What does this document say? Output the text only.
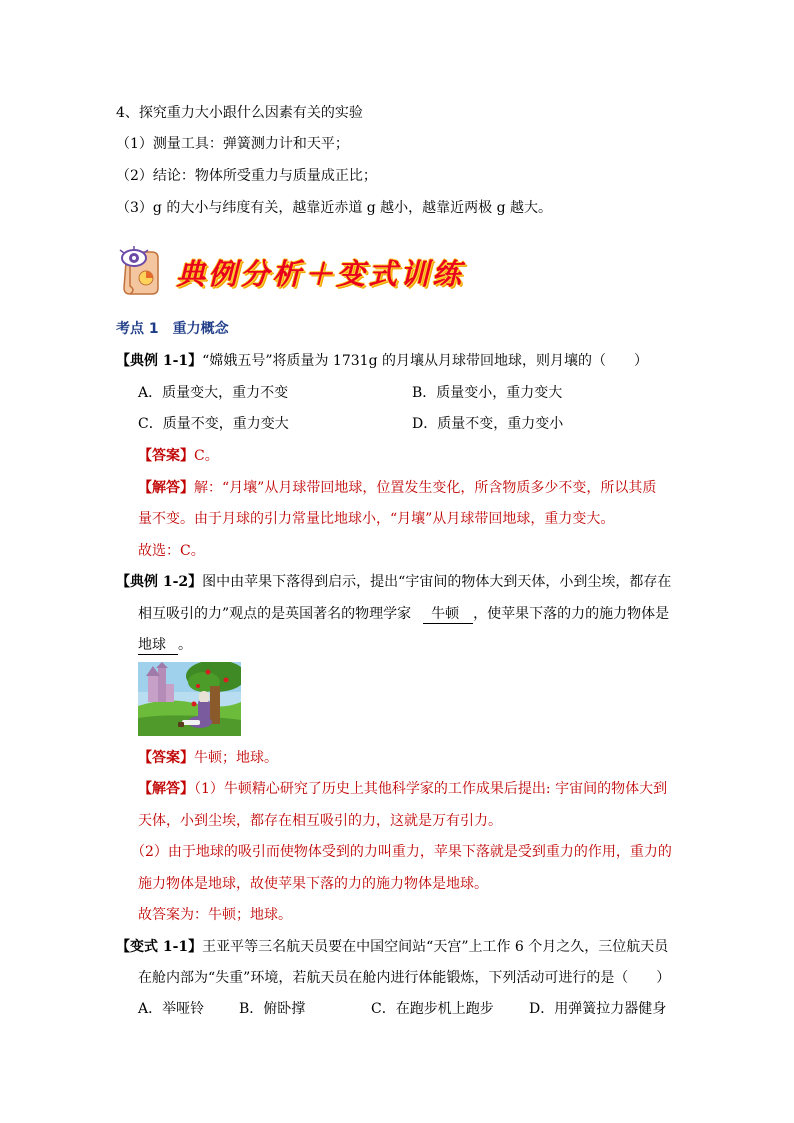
4、探究重力大小跟什么因素有关的实验
（1）测量工具：弹簧测力计和天平；
（2）结论：物体所受重力与质量成正比；
（3）g 的大小与纬度有关，越靠近赤道 g 越小，越靠近两极 g 越大。
典例分析＋变式训练
考点 1 重力概念
【典例 1-1】“嫦娥五号”将质量为 1731g 的月壤从月球带回地球，则月壤的（　　）
A．质量变大，重力不变	B．质量变小，重力变大
C．质量不变，重力变大	D．质量不变，重力变小
【答案】C。
【解答】解：“月壤”从月球带回地球，位置发生变化，所含物质多少不变，所以其质
量不变。由于月球的引力常量比地球小，“月壤”从月球带回地球，重力变大。
故选：C。
【典例 1-2】图中由苹果下落得到启示，提出“宇宙间的物体大到天体，小到尘埃，都存在
相互吸引的力”观点的是英国著名的物理学家 牛顿 ，使苹果下落的力的施力物体是
地球 。
【答案】牛顿；地球。
【解答】（1）牛顿精心研究了历史上其他科学家的工作成果后提出: 宇宙间的物体大到
天体，小到尘埃，都存在相互吸引的力，这就是万有引力。
（2）由于地球的吸引而使物体受到的力叫重力，苹果下落就是受到重力的作用，重力的
施力物体是地球，故使苹果下落的力的施力物体是地球。
故答案为：牛顿；地球。
【变式 1-1】王亚平等三名航天员要在中国空间站“天宫”上工作 6 个月之久，三位航天员
在舱内部为“失重”环境，若航天员在舱内进行体能锻炼，下列活动可进行的是（　　）
A．举哑铃 B．俯卧撑	C．在跑步机上跑步	D．用弹簧拉力器健身
